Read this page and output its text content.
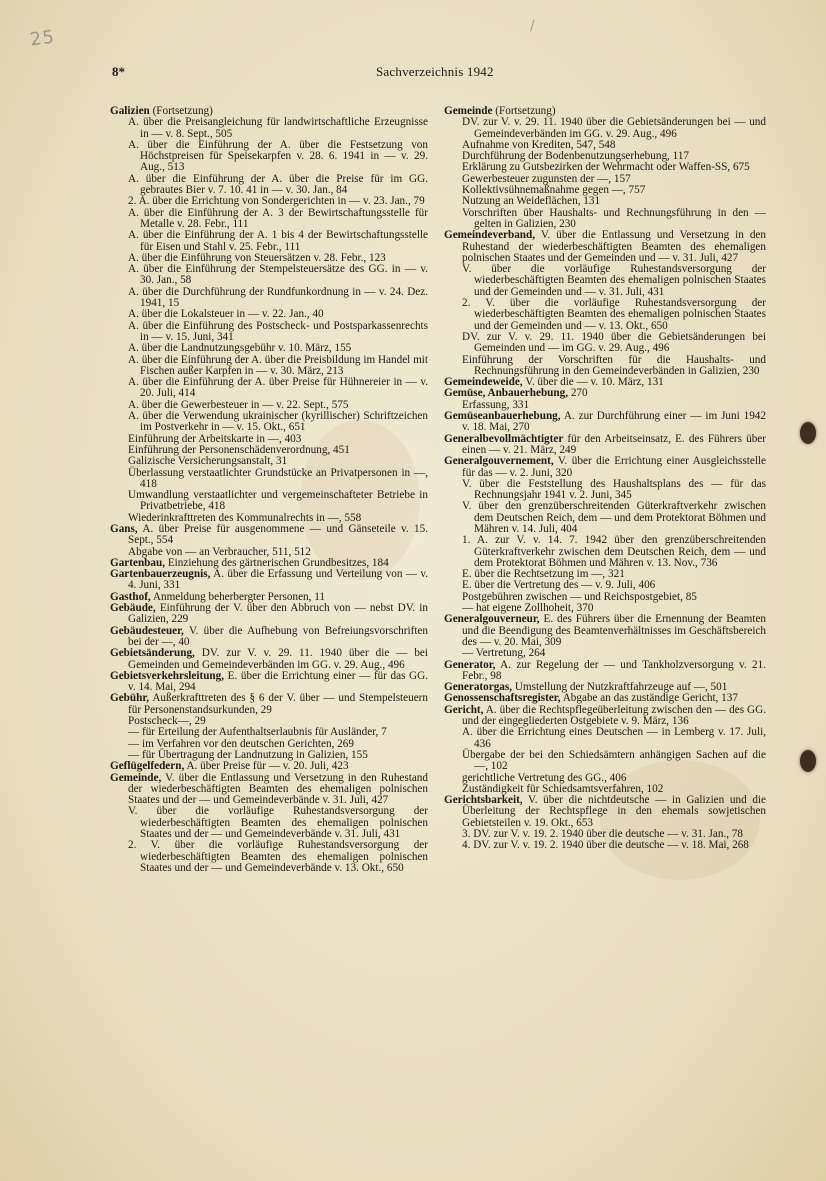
25
/
8*	Sachverzeichnis 1942

Galizien (Fortsetzung)

A. über die Preisangleichung für landwirtschaftliche Erzeugnisse in — v. 8. Sept., 505

A. über die Einführung der A. über die Festsetzung von Höchstpreisen für Speisekarpfen v. 28. 6. 1941 in — v. 29. Aug., 513

A. über die Einführung der A. über die Preise für im GG. gebrautes Bier v. 7. 10. 41 in — v. 30. Jan., 84

2. A. über die Errichtung von Sondergerichten in — v. 23. Jan., 79

A. über die Einführung der A. 3 der Bewirtschaftungsstelle für Metalle v. 28. Febr., 111

A. über die Einführung der A. 1 bis 4 der Bewirtschaftungsstelle für Eisen und Stahl v. 25. Febr., 111

A. über die Einführung von Steuersätzen v. 28. Febr., 123

A. über die Einführung der Stempelsteuersätze des GG. in — v. 30. Jan., 58

A. über die Durchführung der Rundfunkordnung in — v. 24. Dez. 1941, 15

A. über die Lokalsteuer in — v. 22. Jan., 40

A. über die Einführung des Postscheck- und Postsparkassenrechts in — v. 15. Juni, 341

A. über die Landnutzungsgebühr v. 10. März, 155

A. über die Einführung der A. über die Preisbildung im Handel mit Fischen außer Karpfen in — v. 30. März, 213

A. über die Einführung der A. über Preise für Hühnereier in — v. 20. Juli, 414

A. über die Gewerbesteuer in — v. 22. Sept., 575

A. über die Verwendung ukrainischer (kyrillischer) Schriftzeichen im Postverkehr in — v. 15. Okt., 651

Einführung der Arbeitskarte in —, 403

Einführung der Personenschädenverordnung, 451

Galizische Versicherungsanstalt, 31

Überlassung verstaatlichter Grundstücke an Privatpersonen in —, 418

Umwandlung verstaatlichter und vergemeinschafteter Betriebe in Privatbetriebe, 418

Wiederinkrafttreten des Kommunalrechts in —, 558

Gans, A. über Preise für ausgenommene — und Gänseteile v. 15. Sept., 554

Abgabe von — an Verbraucher, 511, 512

Gartenbau, Einziehung des gärtnerischen Grundbesitzes, 184

Gartenbauerzeugnis, A. über die Erfassung und Verteilung von — v. 4. Juni, 331

Gasthof, Anmeldung beherbergter Personen, 11

Gebäude, Einführung der V. über den Abbruch von — nebst DV. in Galizien, 229

Gebäudesteuer, V. über die Aufhebung von Befreiungsvorschriften bei der —, 40

Gebietsänderung, DV. zur V. v. 29. 11. 1940 über die — bei Gemeinden und Gemeindeverbänden im GG. v. 29. Aug., 496

Gebietsverkehrsleitung, E. über die Errichtung einer — für das GG. v. 14. Mai, 294

Gebühr, Außerkrafttreten des § 6 der V. über — und Stempelsteuern für Personenstandsurkunden, 29

Postscheck—, 29

— für Erteilung der Aufenthaltserlaubnis für Ausländer, 7

— im Verfahren vor den deutschen Gerichten, 269

— für Übertragung der Landnutzung in Galizien, 155

Geflügelfedern, A. über Preise für — v. 20. Juli, 423

Gemeinde, V. über die Entlassung und Versetzung in den Ruhestand der wiederbeschäftigten Beamten des ehemaligen polnischen Staates und der — und Gemeindeverbände v. 31. Juli, 427

V. über die vorläufige Ruhestandsversorgung der wiederbeschäftigten Beamten des ehemaligen polnischen Staates und der — und Gemeindeverbände v. 31. Juli, 431

2. V. über die vorläufige Ruhestandsversorgung der wiederbeschäftigten Beamten des ehemaligen polnischen Staates und der — und Gemeindeverbände v. 13. Okt., 650

Gemeinde (Fortsetzung)

DV. zur V. v. 29. 11. 1940 über die Gebietsänderungen bei — und Gemeindeverbänden im GG. v. 29. Aug., 496

Aufnahme von Krediten, 547, 548

Durchführung der Bodenbenutzungserhebung, 117

Erklärung zu Gutsbezirken der Wehrmacht oder Waffen-SS, 675

Gewerbesteuer zugunsten der —, 157

Kollektivsühnemaßnahme gegen —, 757

Nutzung an Weideflächen, 131

Vorschriften über Haushalts- und Rechnungsführung in den — gelten in Galizien, 230

Gemeindeverband, V. über die Entlassung und Versetzung in den Ruhestand der wiederbeschäftigten Beamten des ehemaligen polnischen Staates und der Gemeinden und — v. 31. Juli, 427

V. über die vorläufige Ruhestandsversorgung der wiederbeschäftigten Beamten des ehemaligen polnischen Staates und der Gemeinden und — v. 31. Juli, 431

2. V. über die vorläufige Ruhestandsversorgung der wiederbeschäftigten Beamten des ehemaligen polnischen Staates und der Gemeinden und — v. 13. Okt., 650

DV. zur V. v. 29. 11. 1940 über die Gebietsänderungen bei Gemeinden und — im GG. v. 29. Aug., 496

Einführung der Vorschriften für die Haushalts- und Rechnungsführung in den Gemeindeverbänden in Galizien, 230

Gemeindeweide, V. über die — v. 10. März, 131

Gemüse, Anbauerhebung, 270

Erfassung, 331

Gemüseanbauerhebung, A. zur Durchführung einer — im Juni 1942 v. 18. Mai, 270

Generalbevollmächtigter für den Arbeitseinsatz, E. des Führers über einen — v. 21. März, 249

Generalgouvernement, V. über die Errichtung einer Ausgleichsstelle für das — v. 2. Juni, 320

V. über die Feststellung des Haushaltsplans des — für das Rechnungsjahr 1941 v. 2. Juni, 345

V. über den grenzüberschreitenden Güterkraftverkehr zwischen dem Deutschen Reich, dem — und dem Protektorat Böhmen und Mähren v. 14. Juli, 404

1. A. zur V. v. 14. 7. 1942 über den grenzüberschreitenden Güterkraftverkehr zwischen dem Deutschen Reich, dem — und dem Protektorat Böhmen und Mähren v. 13. Nov., 736

E. über die Rechtsetzung im —, 321

E. über die Vertretung des — v. 9. Juli, 406

Postgebühren zwischen — und Reichspostgebiet, 85

— hat eigene Zollhoheit, 370

Generalgouverneur, E. des Führers über die Ernennung der Beamten und die Beendigung des Beamtenverhältnisses im Geschäftsbereich des — v. 20. Mai, 309

— Vertretung, 264

Generator, A. zur Regelung der — und Tankholzversorgung v. 21. Febr., 98

Generatorgas, Umstellung der Nutzkraftfahrzeuge auf —, 501

Genossenschaftsregister, Abgabe an das zuständige Gericht, 137

Gericht, A. über die Rechtspflegeüberleitung zwischen den — des GG. und der eingegliederten Ostgebiete v. 9. März, 136

A. über die Errichtung eines Deutschen — in Lemberg v. 17. Juli, 436

Übergabe der bei den Schiedsämtern anhängigen Sachen auf die —, 102

gerichtliche Vertretung des GG., 406

Zuständigkeit für Schiedsamtsverfahren, 102

Gerichtsbarkeit, V. über die nichtdeutsche — in Galizien und die Überleitung der Rechtspflege in den ehemals sowjetischen Gebietsteilen v. 19. Okt., 653

3. DV. zur V. v. 19. 2. 1940 über die deutsche — v. 31. Jan., 78

4. DV. zur V. v. 19. 2. 1940 über die deutsche — v. 18. Mai, 268
